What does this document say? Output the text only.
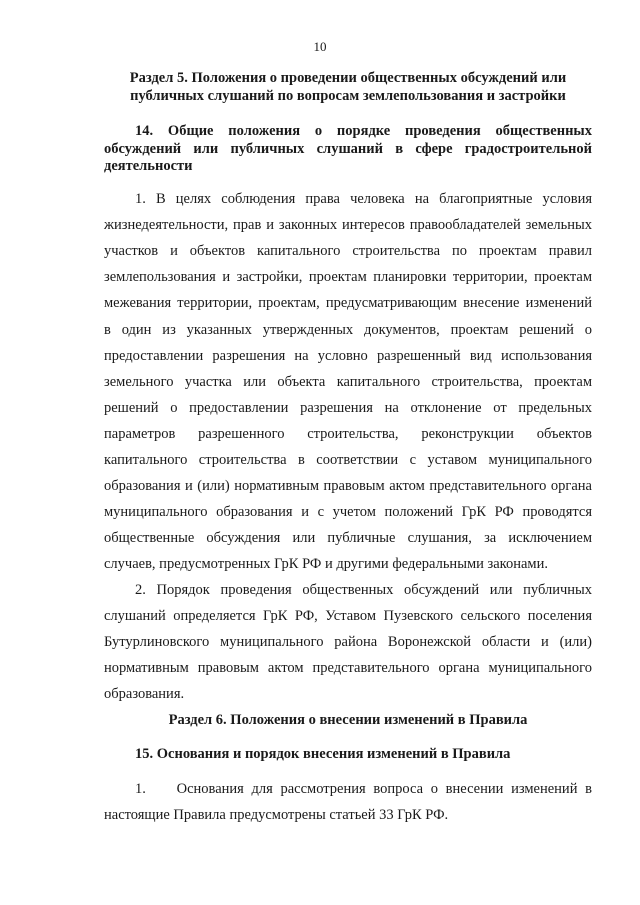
10
Раздел 5. Положения о проведении общественных обсуждений или
публичных слушаний по вопросам землепользования и застройки
14. Общие положения о порядке проведения общественных
обсуждений или публичных слушаний в сфере градостроительной
деятельности
1. В целях соблюдения права человека на благоприятные условия
жизнедеятельности, прав и законных интересов правообладателей земельных
участков и объектов капитального строительства по проектам правил
землепользования и застройки, проектам планировки территории, проектам
межевания территории, проектам, предусматривающим внесение изменений
в один из указанных утвержденных документов, проектам решений о
предоставлении разрешения на условно разрешенный вид использования
земельного участка или объекта капитального строительства, проектам
решений о предоставлении разрешения на отклонение от предельных
параметров разрешенного строительства, реконструкции объектов
капитального строительства в соответствии с уставом муниципального
образования и (или) нормативным правовым актом представительного органа
муниципального образования и с учетом положений ГрК РФ проводятся
общественные обсуждения или публичные слушания, за исключением
случаев, предусмотренных ГрК РФ и другими федеральными законами.
2. Порядок проведения общественных обсуждений или публичных
слушаний определяется ГрК РФ, Уставом Пузевского сельского поселения
Бутурлиновского муниципального района Воронежской области и (или)
нормативным правовым актом представительного органа муниципального
образования.
Раздел 6. Положения о внесении изменений в Правила
15. Основания и порядок внесения изменений в Правила
1.    Основания для рассмотрения вопроса о внесении изменений в
настоящие Правила предусмотрены статьей 33 ГрК РФ.
